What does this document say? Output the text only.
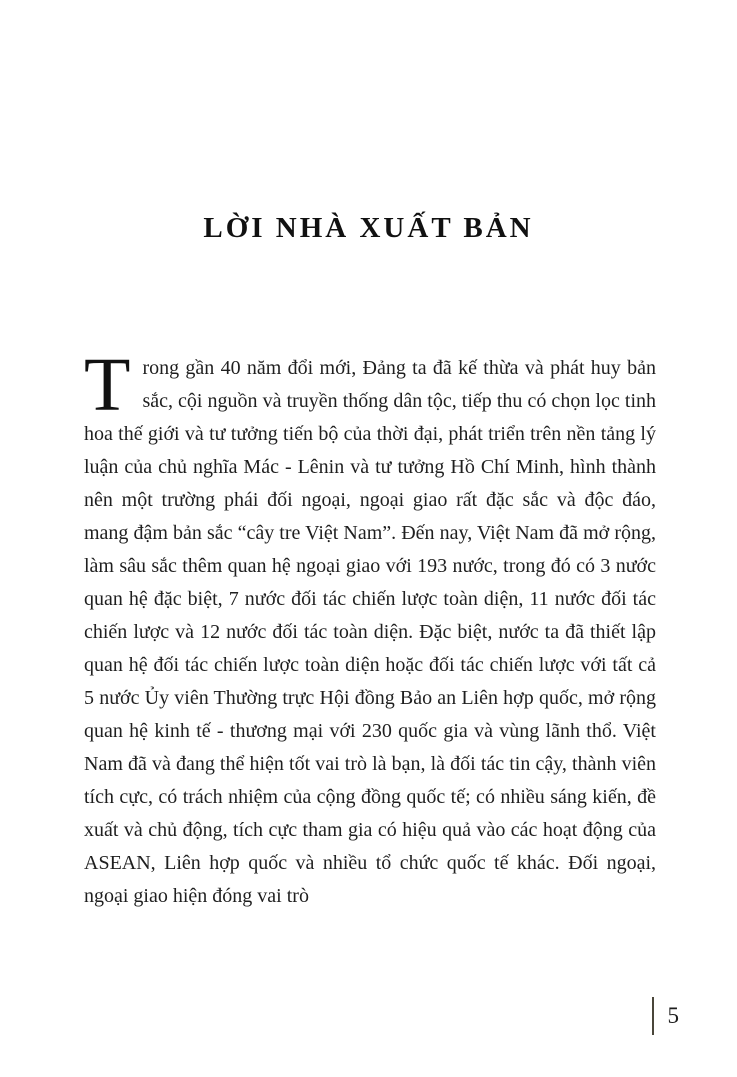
LỜI NHÀ XUẤT BẢN
Trong gần 40 năm đổi mới, Đảng ta đã kế thừa và phát huy bản sắc, cội nguồn và truyền thống dân tộc, tiếp thu có chọn lọc tinh hoa thế giới và tư tưởng tiến bộ của thời đại, phát triển trên nền tảng lý luận của chủ nghĩa Mác - Lênin và tư tưởng Hồ Chí Minh, hình thành nên một trường phái đối ngoại, ngoại giao rất đặc sắc và độc đáo, mang đậm bản sắc “cây tre Việt Nam”. Đến nay, Việt Nam đã mở rộng, làm sâu sắc thêm quan hệ ngoại giao với 193 nước, trong đó có 3 nước quan hệ đặc biệt, 7 nước đối tác chiến lược toàn diện, 11 nước đối tác chiến lược và 12 nước đối tác toàn diện. Đặc biệt, nước ta đã thiết lập quan hệ đối tác chiến lược toàn diện hoặc đối tác chiến lược với tất cả 5 nước Ủy viên Thường trực Hội đồng Bảo an Liên hợp quốc, mở rộng quan hệ kinh tế - thương mại với 230 quốc gia và vùng lãnh thổ. Việt Nam đã và đang thể hiện tốt vai trò là bạn, là đối tác tin cậy, thành viên tích cực, có trách nhiệm của cộng đồng quốc tế; có nhiều sáng kiến, đề xuất và chủ động, tích cực tham gia có hiệu quả vào các hoạt động của ASEAN, Liên hợp quốc và nhiều tổ chức quốc tế khác. Đối ngoại, ngoại giao hiện đóng vai trò
5
